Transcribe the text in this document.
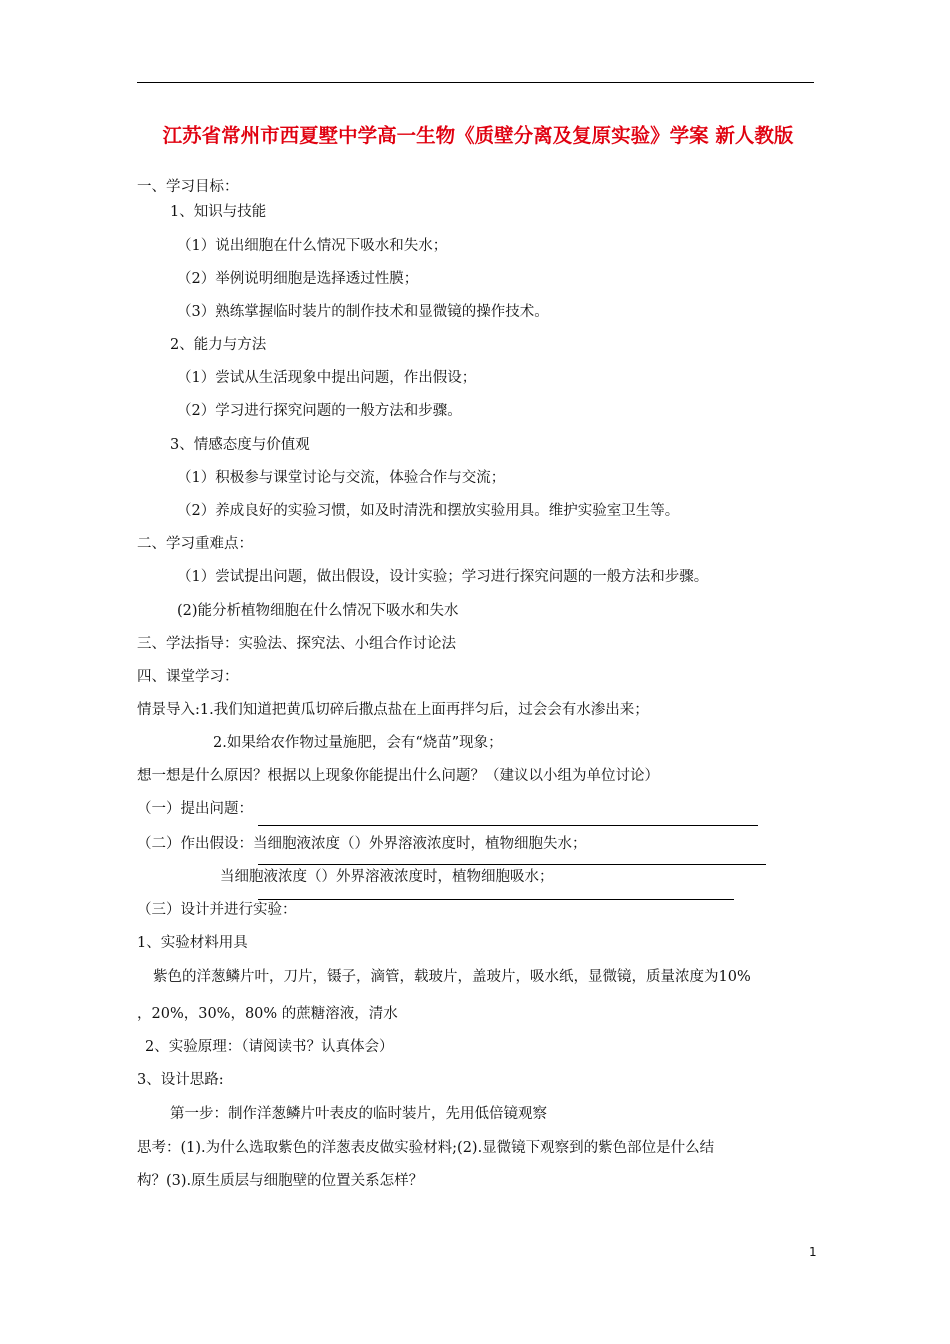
江苏省常州市西夏墅中学高一生物《质壁分离及复原实验》学案 新人教版
一、学习目标：
1、知识与技能
（1）说出细胞在什么情况下吸水和失水；
（2）举例说明细胞是选择透过性膜；
（3）熟练掌握临时装片的制作技术和显微镜的操作技术。
2、能力与方法
（1）尝试从生活现象中提出问题，作出假设；
（2）学习进行探究问题的一般方法和步骤。
3、情感态度与价值观
（1）积极参与课堂讨论与交流，体验合作与交流；
（2）养成良好的实验习惯，如及时清洗和摆放实验用具。维护实验室卫生等。
二、学习重难点：
（1）尝试提出问题，做出假设，设计实验；学习进行探究问题的一般方法和步骤。
(2)能分析植物细胞在什么情况下吸水和失水
三、学法指导：实验法、探究法、小组合作讨论法
四、课堂学习：
情景导入:1.我们知道把黄瓜切碎后撒点盐在上面再拌匀后，过会会有水渗出来；
2.如果给农作物过量施肥，会有“烧苗”现象；
想一想是什么原因？根据以上现象你能提出什么问题？（建议以小组为单位讨论）
（一）提出问题：
（二）作出假设：当细胞液浓度（）外界溶液浓度时，植物细胞失水；
当细胞液浓度（）外界溶液浓度时，植物细胞吸水；
（三）设计并进行实验：
1、实验材料用具
紫色的洋葱鳞片叶，刀片，镊子，滴管，载玻片，盖玻片，吸水纸，显微镜，质量浓度为10%
，20%，30%，80% 的蔗糖溶液，清水
2、实验原理：（请阅读书？认真体会）
3、设计思路:
第一步：制作洋葱鳞片叶表皮的临时装片，先用低倍镜观察
思考：(1).为什么选取紫色的洋葱表皮做实验材料;(2).显微镜下观察到的紫色部位是什么结
构？(3).原生质层与细胞壁的位置关系怎样？
1
